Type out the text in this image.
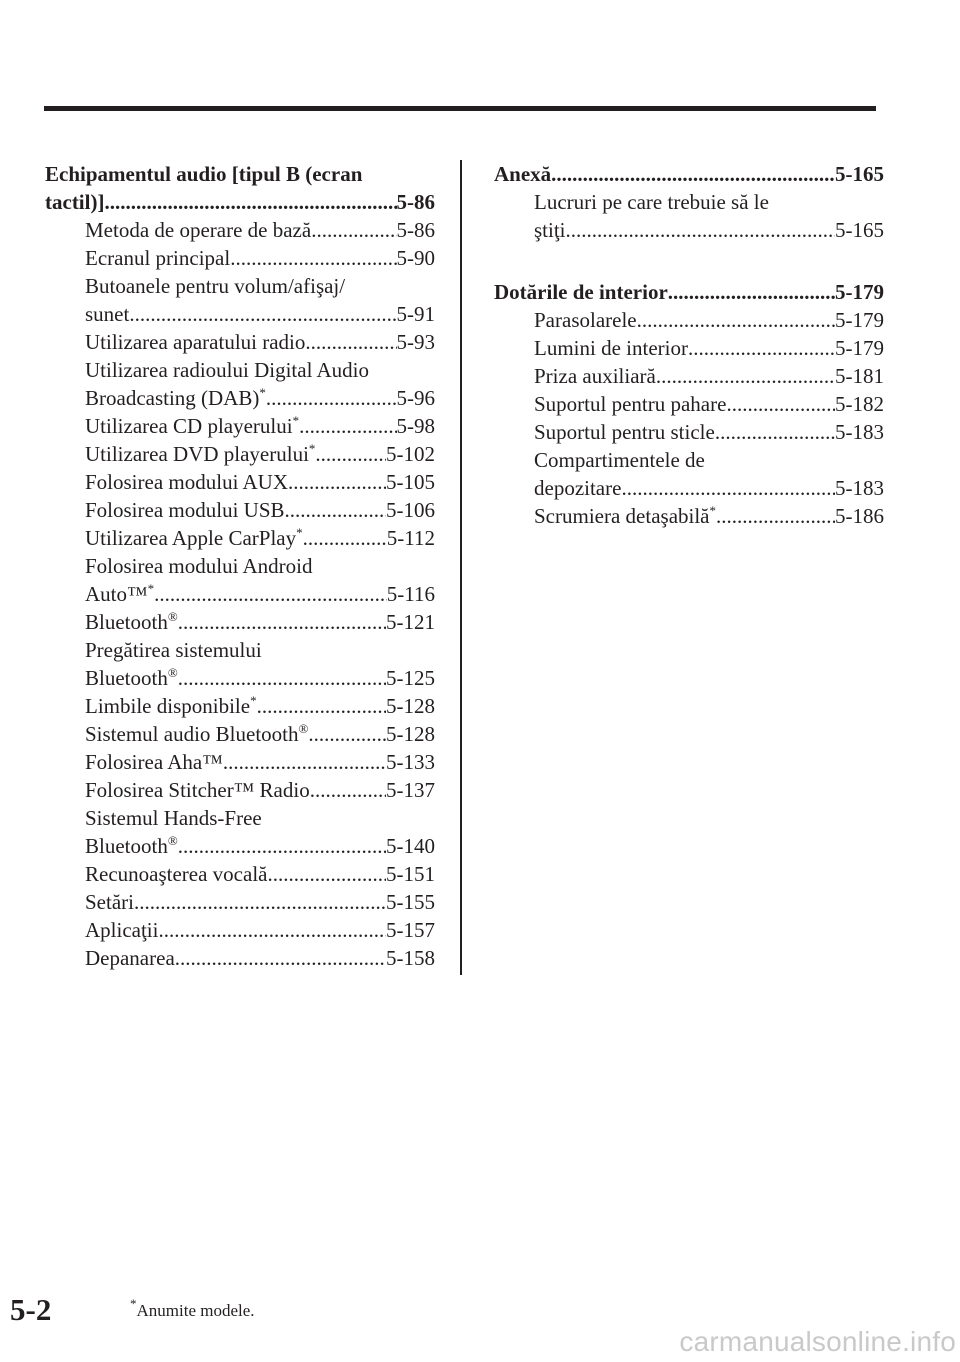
Echipamentul audio [tipul B (ecran
tactil)] .....	5-86
Metoda de operare de bază .....	5-86
Ecranul principal .....	5-90
Butoanele pentru volum/afişaj/
sunet .....	5-91
Utilizarea aparatului radio .....	5-93
Utilizarea radioului Digital Audio
Broadcasting (DAB)* .....	5-96
Utilizarea CD playerului* .....	5-98
Utilizarea DVD playerului* .....	5-102
Folosirea modului AUX .....	5-105
Folosirea modului USB .....	5-106
Utilizarea Apple CarPlay* .....	5-112
Folosirea modului Android
Auto™* .....	5-116
Bluetooth® .....	5-121
Pregătirea sistemului
Bluetooth® .....	5-125
Limbile disponibile* .....	5-128
Sistemul audio Bluetooth® .....	5-128
Folosirea Aha™ .....	5-133
Folosirea Stitcher™ Radio .....	5-137
Sistemul Hands-Free
Bluetooth® .....	5-140
Recunoaşterea vocală .....	5-151
Setări .....	5-155
Aplicaţii .....	5-157
Depanarea .....	5-158
Anexă .....	5-165
Lucruri pe care trebuie să le
ştiţi .....	5-165
Dotările de interior .....	5-179
Parasolarele .....	5-179
Lumini de interior .....	5-179
Priza auxiliară .....	5-181
Suportul pentru pahare .....	5-182
Suportul pentru sticle .....	5-183
Compartimentele de
depozitare .....	5-183
Scrumiera detaşabilă* .....	5-186
5-2	*Anumite modele.
carmanualsonline.info
